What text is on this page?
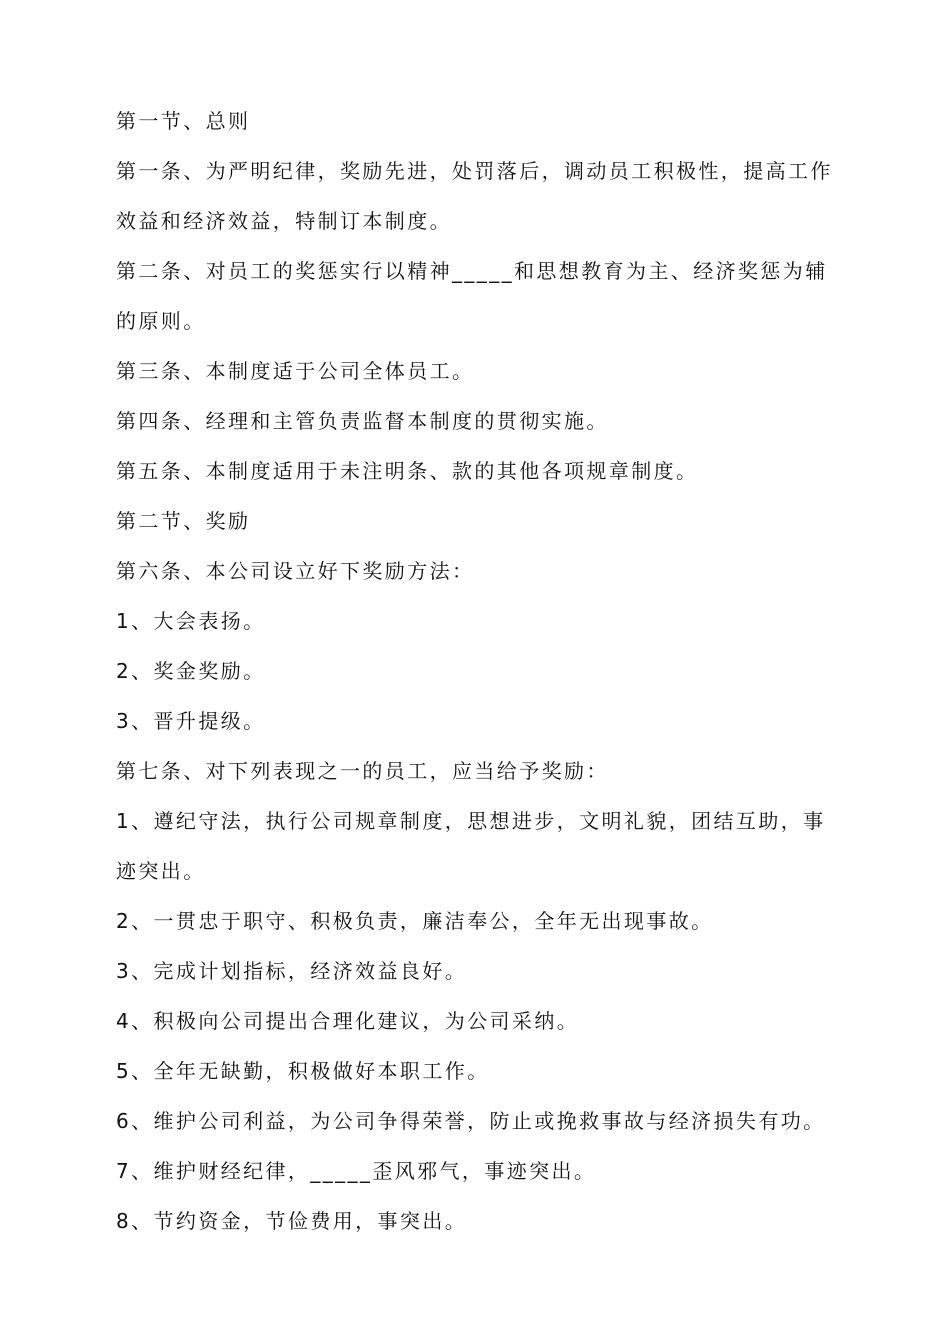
第一节、总则
第一条、为严明纪律，奖励先进，处罚落后，调动员工积极性，提高工作
效益和经济效益，特制订本制度。
第二条、对员工的奖惩实行以精神_____和思想教育为主、经济奖惩为辅
的原则。
第三条、本制度适于公司全体员工。
第四条、经理和主管负责监督本制度的贯彻实施。
第五条、本制度适用于未注明条、款的其他各项规章制度。
第二节、奖励
第六条、本公司设立好下奖励方法：
1、大会表扬。
2、奖金奖励。
3、晋升提级。
第七条、对下列表现之一的员工，应当给予奖励：
1、遵纪守法，执行公司规章制度，思想进步，文明礼貌，团结互助，事
迹突出。
2、一贯忠于职守、积极负责，廉洁奉公，全年无出现事故。
3、完成计划指标，经济效益良好。
4、积极向公司提出合理化建议，为公司采纳。
5、全年无缺勤，积极做好本职工作。
6、维护公司利益，为公司争得荣誉，防止或挽救事故与经济损失有功。
7、维护财经纪律，_____歪风邪气，事迹突出。
8、节约资金，节俭费用，事突出。
